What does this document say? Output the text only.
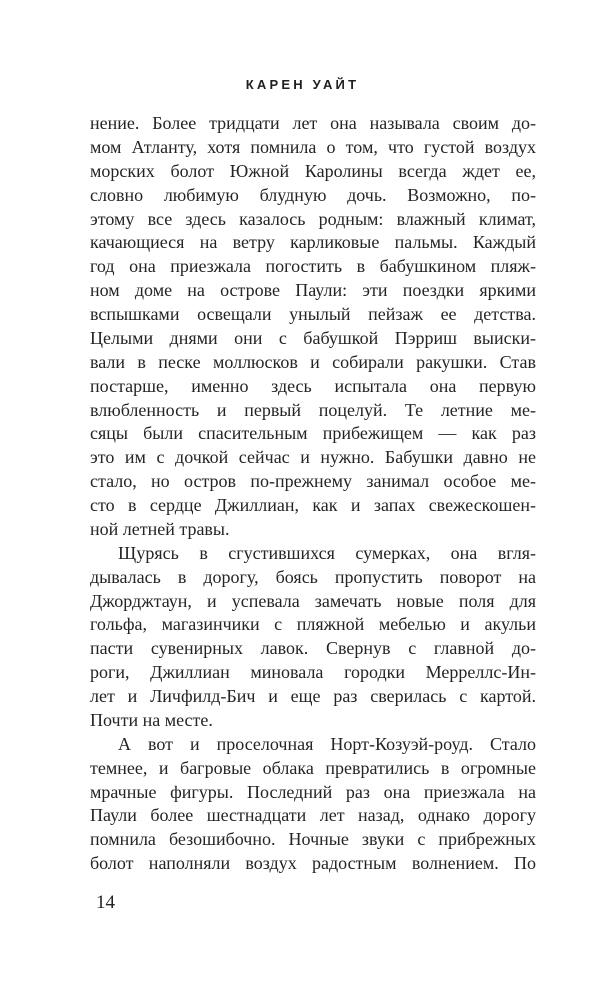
КАРЕН УАЙТ
нение. Более тридцати лет она называла своим до-
мом Атланту, хотя помнила о том, что густой воздух
морских болот Южной Каролины всегда ждет ее,
словно любимую блудную дочь. Возможно, по-
этому все здесь казалось родным: влажный климат,
качающиеся на ветру карликовые пальмы. Каждый
год она приезжала погостить в бабушкином пляж-
ном доме на острове Паули: эти поездки яркими
вспышками освещали унылый пейзаж ее детства.
Целыми днями они с бабушкой Пэрриш выиски-
вали в песке моллюсков и собирали ракушки. Став
постарше, именно здесь испытала она первую
влюбленность и первый поцелуй. Те летние ме-
сяцы были спасительным прибежищем — как раз
это им с дочкой сейчас и нужно. Бабушки давно не
стало, но остров по-прежнему занимал особое ме-
сто в сердце Джиллиан, как и запах свежескошен-
ной летней травы.
Щурясь в сгустившихся сумерках, она вгля-
дывалась в дорогу, боясь пропустить поворот на
Джорджтаун, и успевала замечать новые поля для
гольфа, магазинчики с пляжной мебелью и акульи
пасти сувенирных лавок. Свернув с главной до-
роги, Джиллиан миновала городки Мерреллс-Ин-
лет и Личфилд-Бич и еще раз сверилась с картой.
Почти на месте.
А вот и проселочная Норт-Козуэй-роуд. Стало
темнее, и багровые облака превратились в огромные
мрачные фигуры. Последний раз она приезжала на
Паули более шестнадцати лет назад, однако дорогу
помнила безошибочно. Ночные звуки с прибрежных
болот наполняли воздух радостным волнением. По
14
